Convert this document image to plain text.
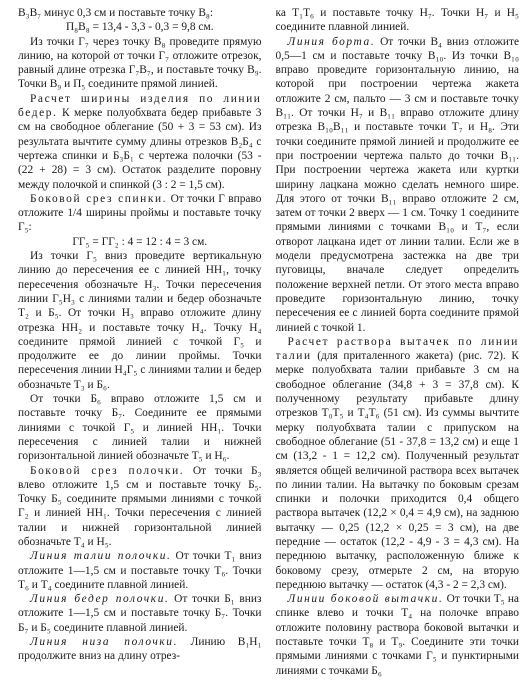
В₃В₇ минус 0,3 см и поставьте точку В₈:

П₈В₈ = 13,4 - 3,3 - 0,3 = 9,8 см.

Из точки Г₇ через точку В₈ проведите прямую линию, на которой от точки Г₇ отложите отрезок, равный длине отрезка Г₇В₇, и поставьте точку В₉. Точки В₉ и П₅ соедините прямой линией.

Расчет ширины изделия по линии бедер. К мерке полуобхвата бедер прибавьте 3 см на свободное облегание (50 + 3 = 53 см). Из результата вычтите сумму длины отрезков В₂Б₄ с чертежа спинки и Б₃Б₁ с чертежа полочки (53 - (22 + 28) = 3 см). Остаток разделите поровну между полочкой и спинкой (3 : 2 = 1,5 см).

Боковой срез спинки. От точки Г вправо отложите 1/4 ширины проймы и поставьте точку Г₅:

ГГ₅ = ГГ₂ : 4 = 12 : 4 = 3 см.

Из точки Г₅ вниз проведите вертикальную линию до пересечения ее с линией НН₁, точку пересечения обозначьте Н₃. Точки пересечения линии Г₅Н₃ с линиями талии и бедер обозначьте Т₂ и Б₅. От точки Н₃ вправо отложите длину отрезка НН₂ и поставьте точку Н₄. Точку Н₄ соедините прямой линией с точкой Г₅ и продолжите ее до линии проймы. Точки пересечения линии Н₄Г₅ с линиями талии и бедер обозначьте Т₃ и Б₆.

От точки Б₆ вправо отложите 1,5 см и поставьте точку Б₇. Соедините ее прямыми линиями с точкой Г₅ и линией НН₁. Точки пересечения с линией талии и нижней горизонтальной линией обозначьте Т₅ и Н₆.

Боковой срез полочки. От точки Б₃ влево отложите 1,5 см и поставьте точку Б₅. Точку Б₅ соедините прямыми линиями с точкой Г₂ и линией НН₁. Точки пересечения с линией талии и нижней горизонтальной линией обозначьте Т₄ и Н₅.

Линия талии полочки. От точки Т₁ вниз отложите 1—1,5 см и поставьте точку Т₆. Точки Т₆ и Т₄ соедините плавной линией.

Линия бедер полочки. От точки Б₁ вниз отложите 1—1,5 см и поставьте точку Б₇. Точки Б₇ и Б₅ соедините плавной линией.

Линия низа полочки. Линию В₁Н₁ продолжите вниз на длину отрез-

ка Т₁Т₆ и поставьте точку Н₇. Точки Н₇ и Н₅ соедините плавной линией.

Линия борта. От точки В₄ вниз отложите 0,5—1 см и поставьте точку В₁₀. Из точки В₁₀ вправо проведите горизонтальную линию, на которой при построении чертежа жакета отложите 2 см, пальто — 3 см и поставьте точку В₁₁. От точки Н₇ и В₁₁ вправо отложите длину отрезка В₁₀В₁₁ и поставьте точки Т₇ и Н₈. Эти точки соедините прямой линией и продолжите ее при построении чертежа пальто до точки В₁₁. При построении чертежа жакета или куртки ширину лацкана можно сделать немного шире. Для этого от точки В₁₁ вправо отложите 2 см, затем от точки 2 вверх — 1 см. Точку 1 соедините прямыми линиями с точками В₁₀ и Т₇, если отворот лацкана идет от линии талии. Если же в модели предусмотрена застежка на две три пуговицы, вначале следует определить положение верхней петли. От этого места вправо проведите горизонтальную линию, точку пересечения ее с линией борта соедините прямой линией с точкой 1.

Расчет раствора вытачек по линии талии (для приталенного жакета) (рис. 72). К мерке полуобхвата талии прибавьте 3 см на свободное облегание (34,8 + 3 = 37,8 см). К полученному результату прибавьте длину отрезков Т₀Т₅ и Т₄Т₆ (51 см). Из суммы вычтите мерку полуобхвата талии с припуском на свободное облегание (51 - 37,8 = 13,2 см) и еще 1 см (13,2 - 1 = 12,2 см). Полученный результат является общей величиной раствора всех вытачек по линии талии. На вытачку по боковым срезам спинки и полочки приходится 0,4 общего раствора вытачек (12,2 × 0,4 = 4,9 см), на заднюю вытачку — 0,25 (12,2 × 0,25 = 3 см), на две передние — остаток (12,2 - 4,9 - 3 = 4,3 см). На переднюю вытачку, расположенную ближе к боковому срезу, отмерьте 2 см, на вторую переднюю вытачку — остаток (4,3 - 2 = 2,3 см).

Линии боковой вытачки. От точки Т₅ на спинке влево и точки Т₄ на полочке вправо отложите половину раствора боковой вытачки и поставьте точки Т₈ и Т₉. Соедините эти точки прямыми линиями с точками Г₅ и пунктирными линиями с точками Б₆
